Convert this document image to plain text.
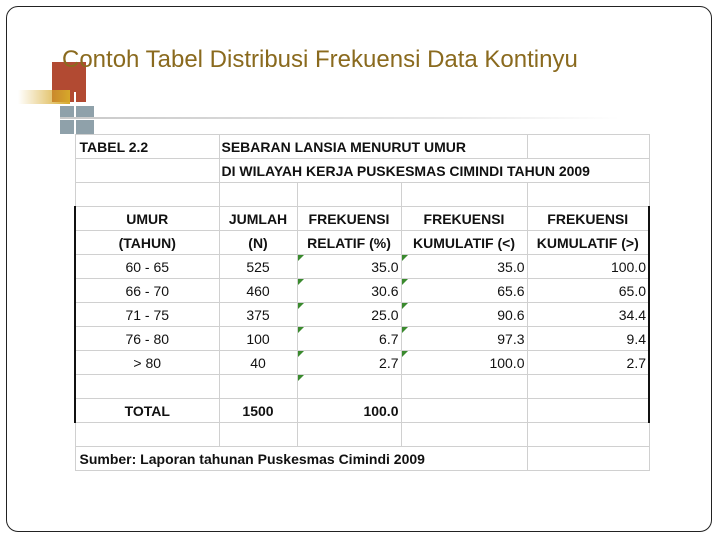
Contoh Tabel Distribusi Frekuensi Data Kontinyu
TABEL 2.2	SEBARAN LANSIA MENURUT UMUR			
	DI WILAYAH KERJA PUSKESMAS CIMINDI TAHUN 2009			

UMUR	JUMLAH	FREKUENSI	FREKUENSI	FREKUENSI
(TAHUN)	(N)	RELATIF (%)	KUMULATIF (<)	KUMULATIF (>)
60 - 65	525	35.0	35.0	100.0
66 - 70	460	30.6	65.6	65.0
71 - 75	375	25.0	90.6	34.4
76 - 80	100	6.7	97.3	9.4
> 80	40	2.7	100.0	2.7

TOTAL	1500	100.0		

Sumber: Laporan tahunan Puskesmas Cimindi 2009				
